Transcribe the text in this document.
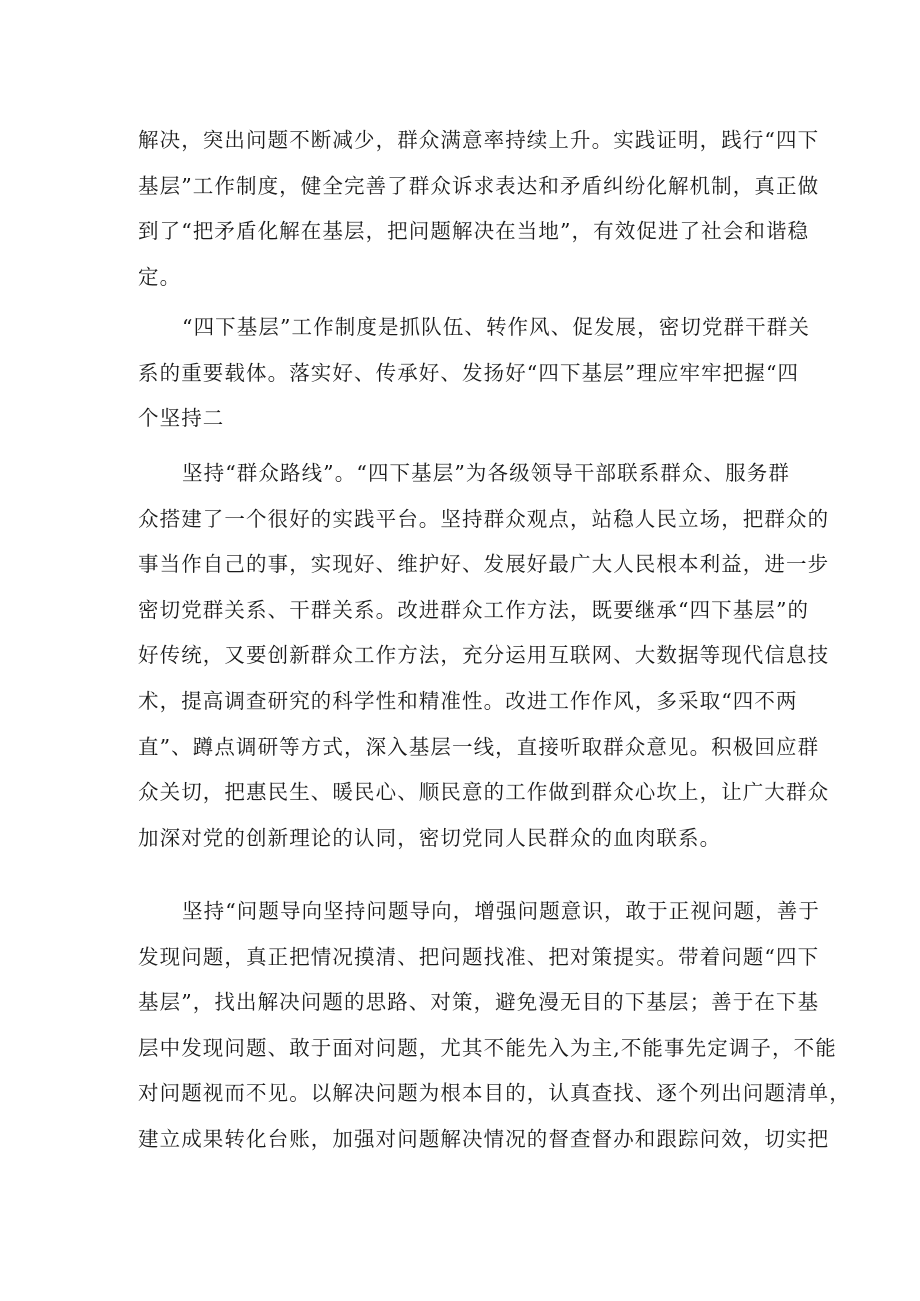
解决，突出问题不断减少，群众满意率持续上升。实践证明，践行“四下
基层”工作制度，健全完善了群众诉求表达和矛盾纠纷化解机制，真正做
到了“把矛盾化解在基层，把问题解决在当地”，有效促进了社会和谐稳
定。
“四下基层”工作制度是抓队伍、转作风、促发展，密切党群干群关
系的重要载体。落实好、传承好、发扬好“四下基层”理应牢牢把握“四
个坚持二
坚持“群众路线”。“四下基层”为各级领导干部联系群众、服务群
众搭建了一个很好的实践平台。坚持群众观点，站稳人民立场，把群众的
事当作自己的事，实现好、维护好、发展好最广大人民根本利益，进一步
密切党群关系、干群关系。改进群众工作方法，既要继承“四下基层”的
好传统，又要创新群众工作方法，充分运用互联网、大数据等现代信息技
术，提高调查研究的科学性和精准性。改进工作作风，多采取“四不两
直”、蹲点调研等方式，深入基层一线，直接听取群众意见。积极回应群
众关切，把惠民生、暖民心、顺民意的工作做到群众心坎上，让广大群众
加深对党的创新理论的认同，密切党同人民群众的血肉联系。
坚持“问题导向坚持问题导向，增强问题意识，敢于正视问题，善于
发现问题，真正把情况摸清、把问题找准、把对策提实。带着问题“四下
基层”，找出解决问题的思路、对策，避免漫无目的下基层；善于在下基
层中发现问题、敢于面对问题，尤其不能先入为主,不能事先定调子，不能
对问题视而不见。以解决问题为根本目的，认真查找、逐个列出问题清单，
建立成果转化台账，加强对问题解决情况的督查督办和跟踪问效，切实把
